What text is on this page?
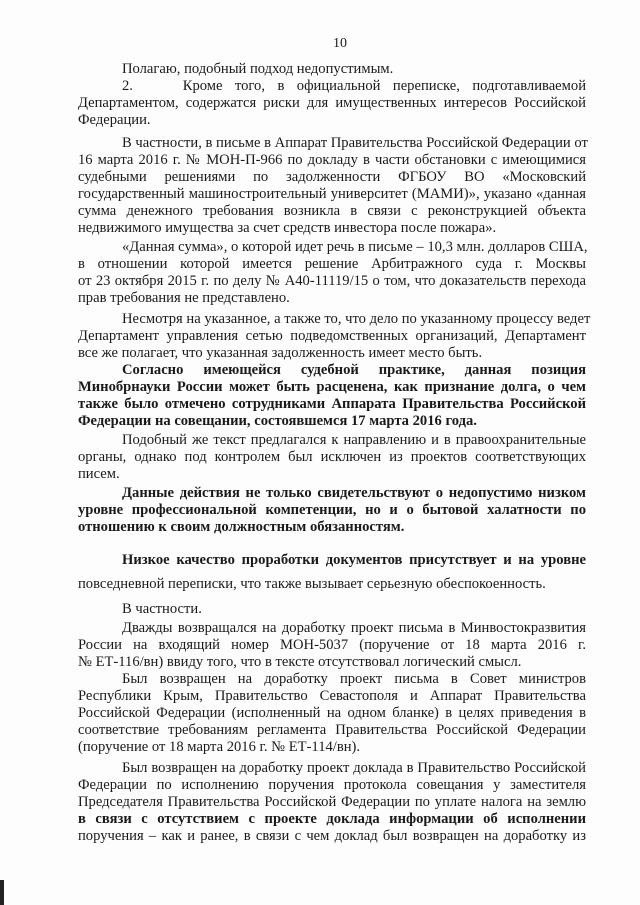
10
Полагаю, подобный подход недопустимым.
2.    Кроме того, в официальной переписке, подготавливаемой
Департаментом, содержатся риски для имущественных интересов Российской
Федерации.
В частности, в письме в Аппарат Правительства Российской Федерации от
16 марта 2016 г. № МОН-П-966 по докладу в части обстановки с имеющимися
судебными решениями по задолженности ФГБОУ ВО «Московский
государственный машиностроительный университет (МАМИ)», указано «данная
сумма денежного требования возникла в связи с реконструкцией объекта
недвижимого имущества за счет средств инвестора после пожара».
«Данная сумма», о которой идет речь в письме – 10,3 млн. долларов США,
в отношении которой имеется решение Арбитражного суда г. Москвы
от 23 октября 2015 г. по делу № А40-11119/15 о том, что доказательств перехода
прав требования не представлено.
Несмотря на указанное, а также то, что дело по указанному процессу ведет
Департамент управления сетью подведомственных организаций, Департамент
все же полагает, что указанная задолженность имеет место быть.
Согласно имеющейся судебной практике, данная позиция
Минобрнауки России может быть расценена, как признание долга, о чем
также было отмечено сотрудниками Аппарата Правительства Российской
Федерации на совещании, состоявшемся 17 марта 2016 года.
Подобный же текст предлагался к направлению и в правоохранительные
органы, однако под контролем был исключен из проектов соответствующих
писем.
Данные действия не только свидетельствуют о недопустимо низком
уровне профессиональной компетенции, но и о бытовой халатности по
отношению к своим должностным обязанностям.
Низкое качество проработки документов присутствует и на уровне
повседневной переписки, что также вызывает серьезную обеспокоенность.
В частности.
Дважды возвращался на доработку проект письма в Минвостокразвития
России на входящий номер МОН-5037 (поручение от 18 марта 2016 г.
№ ЕТ-116/вн) ввиду того, что в тексте отсутствовал логический смысл.
Был возвращен на доработку проект письма в Совет министров
Республики Крым, Правительство Севастополя и Аппарат Правительства
Российской Федерации (исполненный на одном бланке) в целях приведения в
соответствие требованиям регламента Правительства Российской Федерации
(поручение от 18 марта 2016 г. № ЕТ-114/вн).
Был возвращен на доработку проект доклада в Правительство Российской
Федерации по исполнению поручения протокола совещания у заместителя
Председателя Правительства Российской Федерации по уплате налога на землю
в связи с отсутствием с проекте доклада информации об исполнении
поручения – как и ранее, в связи с чем доклад был возвращен на доработку из
